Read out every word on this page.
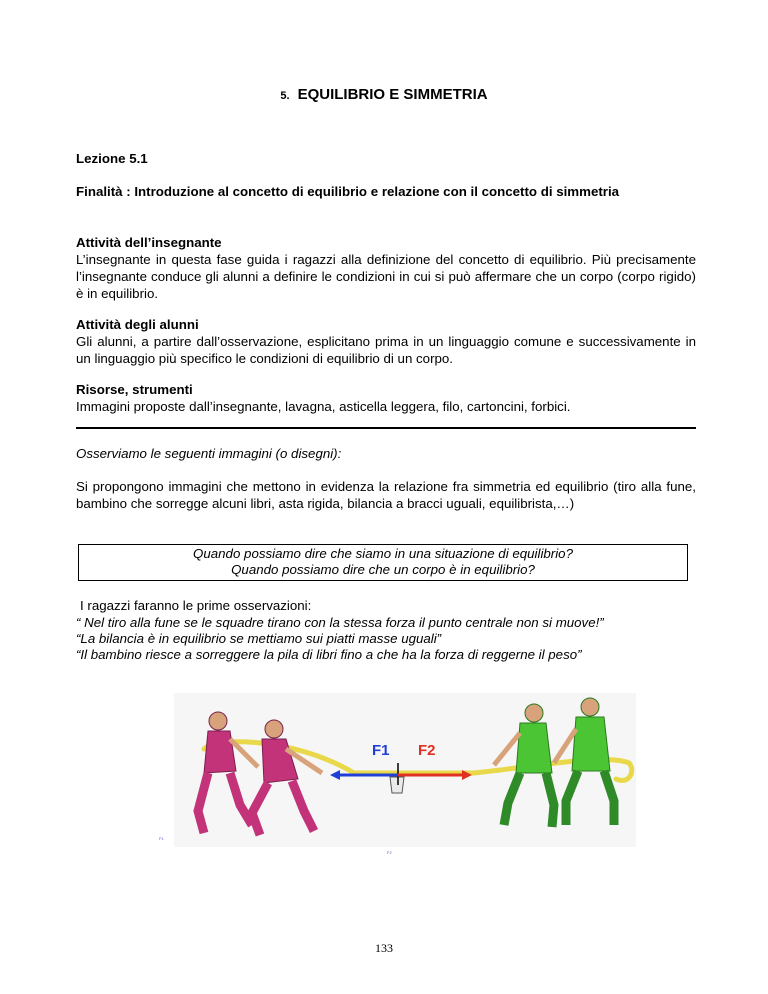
5. EQUILIBRIO E SIMMETRIA
Lezione 5.1
Finalità : Introduzione al concetto di equilibrio e relazione con il concetto di simmetria
Attività dell’insegnante
L’insegnante in questa fase guida i ragazzi alla definizione del concetto di equilibrio. Più precisamente l’insegnante conduce gli alunni a definire le condizioni in cui si può affermare che un corpo (corpo rigido) è in equilibrio.
Attività degli alunni
Gli alunni, a partire dall’osservazione, esplicitano prima in un linguaggio comune e successivamente in un linguaggio più specifico le condizioni di equilibrio di un corpo.
Risorse, strumenti
Immagini proposte dall’insegnante, lavagna, asticella leggera, filo, cartoncini, forbici.
Osserviamo le seguenti immagini (o disegni):
Si propongono immagini che mettono in evidenza la relazione fra simmetria ed equilibrio (tiro alla fune, bambino che sorregge alcuni libri, asta rigida, bilancia a bracci uguali, equilibrista,…)
Quando possiamo dire che siamo in una situazione di equilibrio?
Quando possiamo dire che un corpo è in equilibrio?
I ragazzi faranno le prime osservazioni:
“ Nel tiro alla fune se le squadre tirano con la stessa forza il punto centrale non si muove!”
“La bilancia è in equilibrio se mettiamo sui piatti masse uguali”
“Il bambino riesce a sorreggere la pila di libri fino a che ha la forza di reggerne il peso”
F1 F2
F1
F2
133
